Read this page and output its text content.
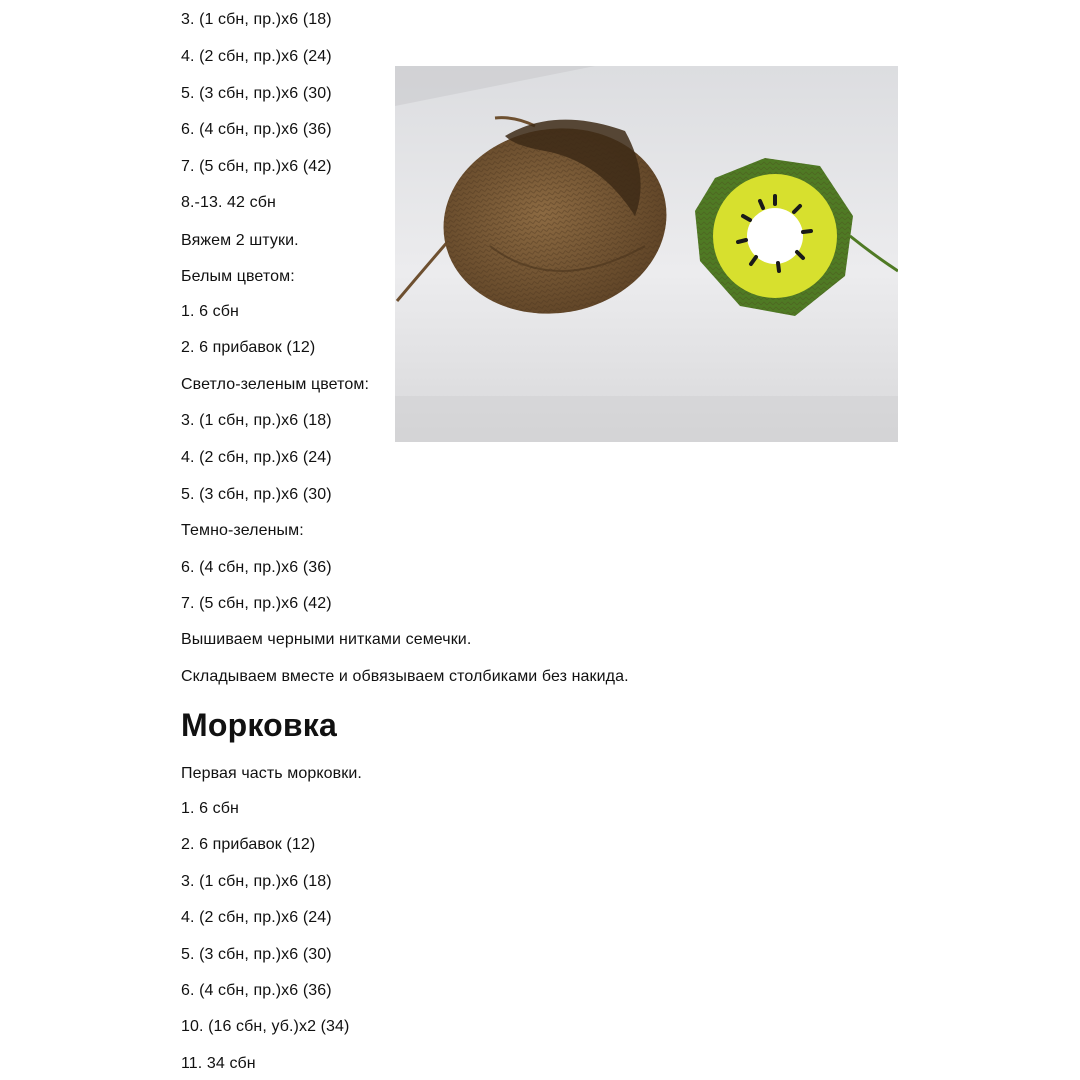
3. (1 сбн, пр.)х6 (18)
4. (2 сбн, пр.)х6 (24)
5. (3 сбн, пр.)х6 (30)
6. (4 сбн, пр.)х6 (36)
7. (5 сбн, пр.)х6 (42)
8.-13. 42 сбн
Вяжем 2 штуки.
Белым цветом:
1. 6 сбн
2. 6 прибавок (12)
Светло-зеленым цветом:
3. (1 сбн, пр.)х6 (18)
4. (2 сбн, пр.)х6 (24)
5. (3 сбн, пр.)х6 (30)
Темно-зеленым:
6. (4 сбн, пр.)х6 (36)
7. (5 сбн, пр.)х6 (42)
Вышиваем черными нитками семечки.
Складываем вместе и обвязываем столбиками без накида.
Морковка
Первая часть морковки.
1. 6 сбн
2. 6 прибавок (12)
3. (1 сбн, пр.)х6 (18)
4. (2 сбн, пр.)х6 (24)
5. (3 сбн, пр.)х6 (30)
6. (4 сбн, пр.)х6 (36)
10. (16 сбн, уб.)х2 (34)
11. 34 сбн
